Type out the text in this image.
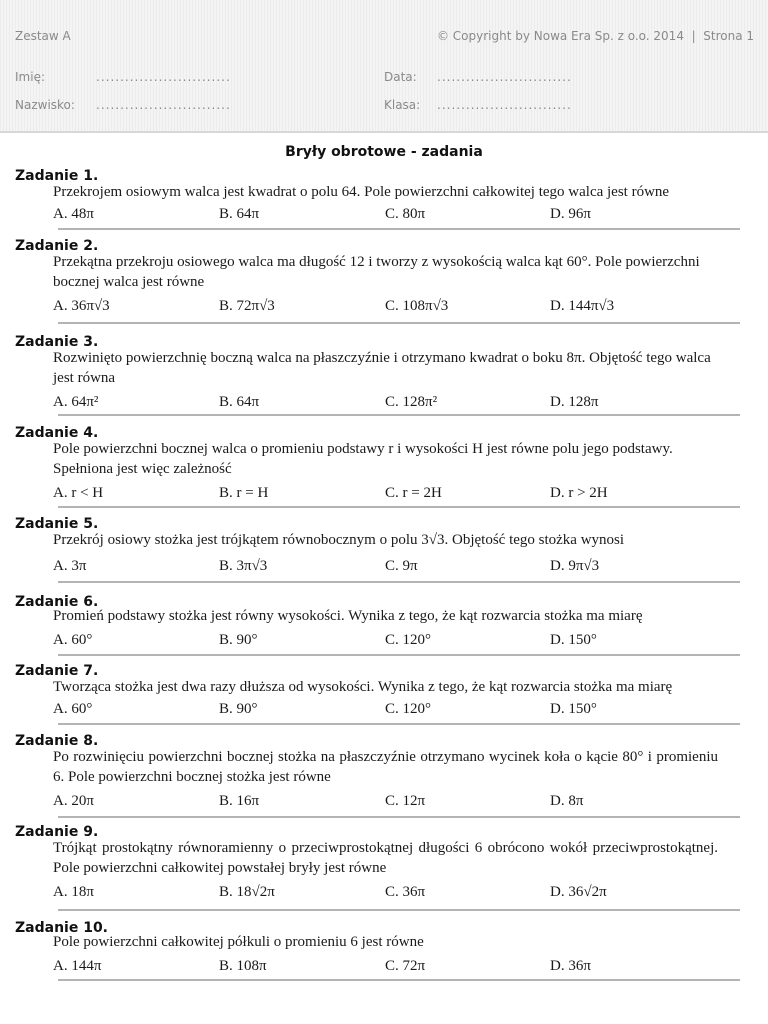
Zestaw A	© Copyright by Nowa Era Sp. z o.o. 2014  |  Strona 1
Imię:	............................	Data: ............................
Nazwisko: ............................	Klasa: ............................
Bryły obrotowe - zadania
Zadanie 1.
Przekrojem osiowym walca jest kwadrat o polu 64. Pole powierzchni całkowitej tego walca jest równe
A. 48π	B. 64π	C. 80π	D. 96π
Zadanie 2.
Przekątna przekroju osiowego walca ma długość 12 i tworzy z wysokością walca kąt 60°. Pole powierzchni bocznej walca jest równe
A. 36π√3	B. 72π√3	C. 108π√3	D. 144π√3
Zadanie 3.
Rozwinięto powierzchnię boczną walca na płaszczyźnie i otrzymano kwadrat o boku 8π. Objętość tego walca jest równa
A. 64π²	B. 64π	C. 128π²	D. 128π
Zadanie 4.
Pole powierzchni bocznej walca o promieniu podstawy r i wysokości H jest równe polu jego podstawy. Spełniona jest więc zależność
A. r < H	B. r = H	C. r = 2H	D. r > 2H
Zadanie 5.
Przekrój osiowy stożka jest trójkątem równobocznym o polu 3√3. Objętość tego stożka wynosi
A. 3π	B. 3π√3	C. 9π	D. 9π√3
Zadanie 6.
Promień podstawy stożka jest równy wysokości. Wynika z tego, że kąt rozwarcia stożka ma miarę
A. 60°	B. 90°	C. 120°	D. 150°
Zadanie 7.
Tworząca stożka jest dwa razy dłuższa od wysokości. Wynika z tego, że kąt rozwarcia stożka ma miarę
A. 60°	B. 90°	C. 120°	D. 150°
Zadanie 8.
Po rozwinięciu powierzchni bocznej stożka na płaszczyźnie otrzymano wycinek koła o kącie 80° i promieniu 6. Pole powierzchni bocznej stożka jest równe
A. 20π	B. 16π	C. 12π	D. 8π
Zadanie 9.
Trójkąt prostokątny równoramienny o przeciwprostokątnej długości 6 obrócono wokół przeciwprostokątnej. Pole powierzchni całkowitej powstałej bryły jest równe
A. 18π	B. 18√2π	C. 36π	D. 36√2π
Zadanie 10.
Pole powierzchni całkowitej półkuli o promieniu 6 jest równe
A. 144π	B. 108π	C. 72π	D. 36π
